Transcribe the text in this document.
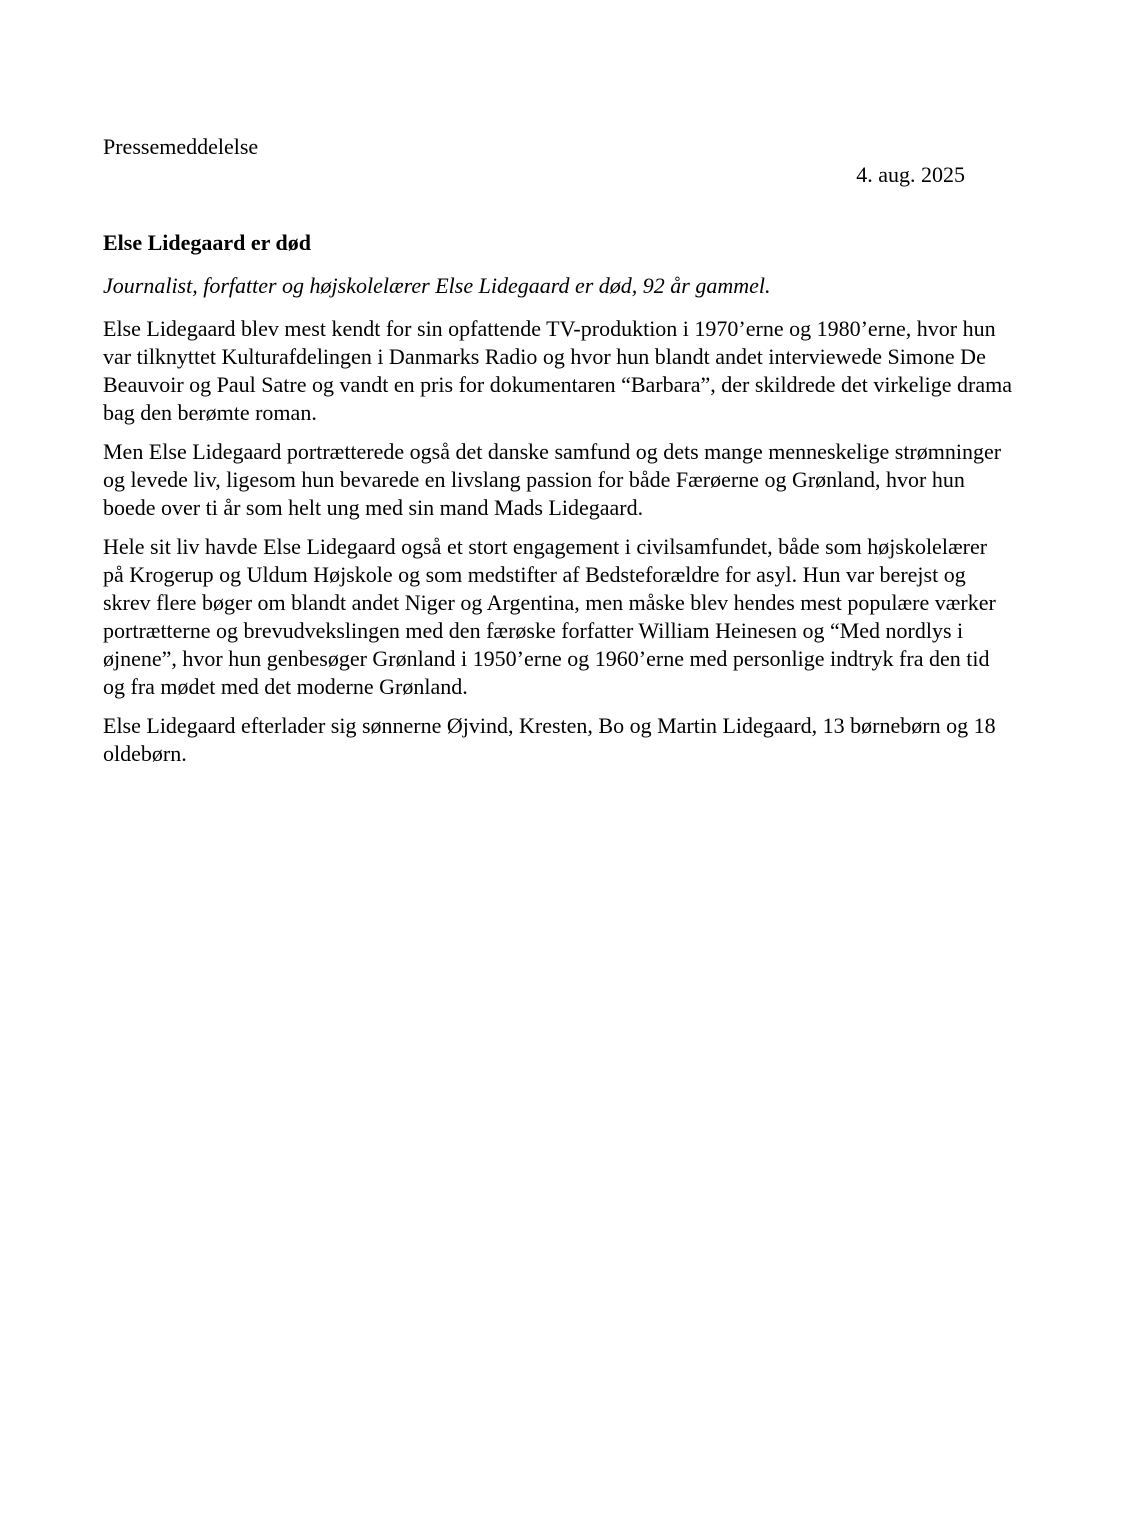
Pressemeddelelse

4. aug. 2025

Else Lidegaard er død

Journalist, forfatter og højskolelærer Else Lidegaard er død, 92 år gammel.

Else Lidegaard blev mest kendt for sin opfattende TV-produktion i 1970’erne og 1980’erne, hvor hun var tilknyttet Kulturafdelingen i Danmarks Radio og hvor hun blandt andet interviewede Simone De Beauvoir og Paul Satre og vandt en pris for dokumentaren “Barbara”, der skildrede det virkelige drama bag den berømte roman.

Men Else Lidegaard portrætterede også det danske samfund og dets mange menneskelige strømninger og levede liv, ligesom hun bevarede en livslang passion for både Færøerne og Grønland, hvor hun boede over ti år som helt ung med sin mand Mads Lidegaard.

Hele sit liv havde Else Lidegaard også et stort engagement i civilsamfundet, både som højskolelærer på Krogerup og Uldum Højskole og som medstifter af Bedsteforældre for asyl. Hun var berejst og skrev flere bøger om blandt andet Niger og Argentina, men måske blev hendes mest populære værker portrætterne og brevudvekslingen med den færøske forfatter William Heinesen og “Med nordlys i øjnene”, hvor hun genbesøger Grønland i 1950’erne og 1960’erne med personlige indtryk fra den tid og fra mødet med det moderne Grønland.

Else Lidegaard efterlader sig sønnerne Øjvind, Kresten, Bo og Martin Lidegaard, 13 børnebørn og 18 oldebørn.
